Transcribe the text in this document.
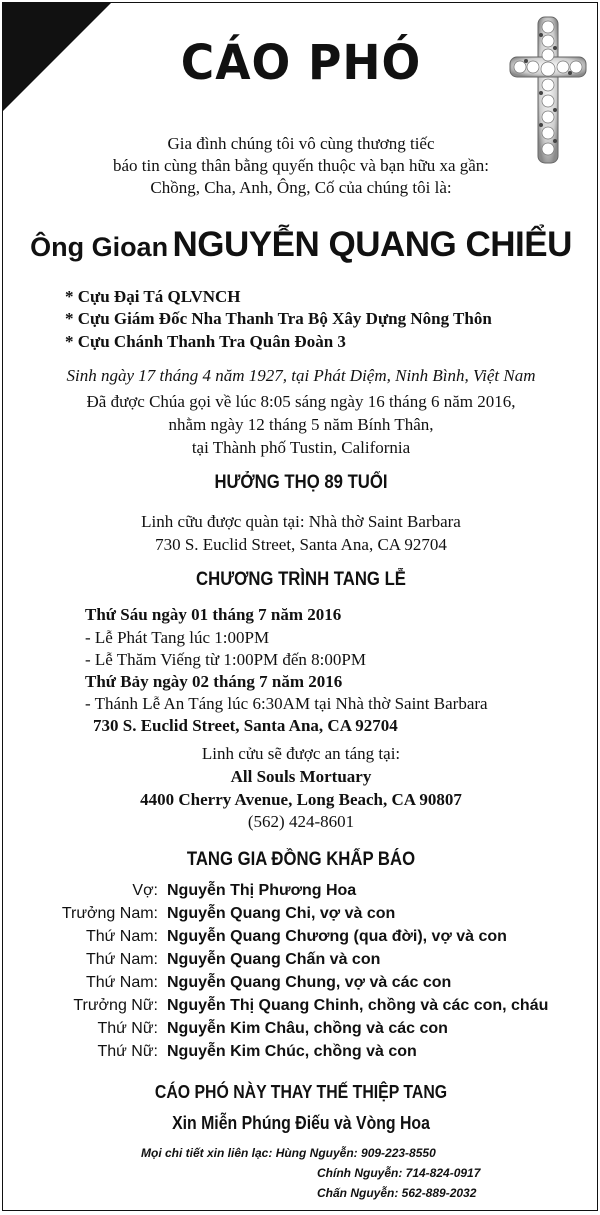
CÁO PHÓ
Gia đình chúng tôi vô cùng thương tiếc
báo tin cùng thân bằng quyến thuộc và bạn hữu xa gần:
Chồng, Cha, Anh, Ông, Cố của chúng tôi là:
Ông Gioan NGUYỄN QUANG CHIỂU
* Cựu Đại Tá QLVNCH
* Cựu Giám Đốc Nha Thanh Tra Bộ Xây Dựng Nông Thôn
* Cựu Chánh Thanh Tra Quân Đoàn 3
Sinh ngày 17 tháng 4 năm 1927, tại Phát Diệm, Ninh Bình, Việt Nam
Đã được Chúa gọi về lúc 8:05 sáng ngày 16 tháng 6 năm 2016,
nhằm ngày 12 tháng 5 năm Bính Thân,
tại Thành phố Tustin, California
HƯỞNG THỌ 89 TUỔI
Linh cữu được quàn tại: Nhà thờ Saint Barbara
730 S. Euclid Street, Santa Ana, CA 92704
CHƯƠNG TRÌNH TANG LỄ
Thứ Sáu ngày 01 tháng 7 năm 2016
- Lễ Phát Tang lúc 1:00PM
- Lễ Thăm Viếng từ 1:00PM đến 8:00PM
Thứ Bảy ngày 02 tháng 7 năm 2016
- Thánh Lễ An Táng lúc 6:30AM tại Nhà thờ Saint Barbara
730 S. Euclid Street, Santa Ana, CA 92704
Linh cửu sẽ được an táng tại:
All Souls Mortuary
4400 Cherry Avenue, Long Beach, CA 90807
(562) 424-8601
TANG GIA ĐỒNG KHẤP BÁO
Vợ: Nguyễn Thị Phương Hoa
Trưởng Nam: Nguyễn Quang Chi, vợ và con
Thứ Nam: Nguyễn Quang Chương (qua đời), vợ và con
Thứ Nam: Nguyễn Quang Chấn và con
Thứ Nam: Nguyễn Quang Chung, vợ và các con
Trưởng Nữ: Nguyễn Thị Quang Chinh, chồng và các con, cháu
Thứ Nữ: Nguyễn Kim Châu, chồng và các con
Thứ Nữ: Nguyễn Kim Chúc, chồng và con
CÁO PHÓ NÀY THAY THẾ THIỆP TANG
Xin Miễn Phúng Điếu và Vòng Hoa
Mọi chi tiết xin liên lạc: Hùng Nguyễn: 909-223-8550
Chính Nguyễn: 714-824-0917
Chấn Nguyễn: 562-889-2032
